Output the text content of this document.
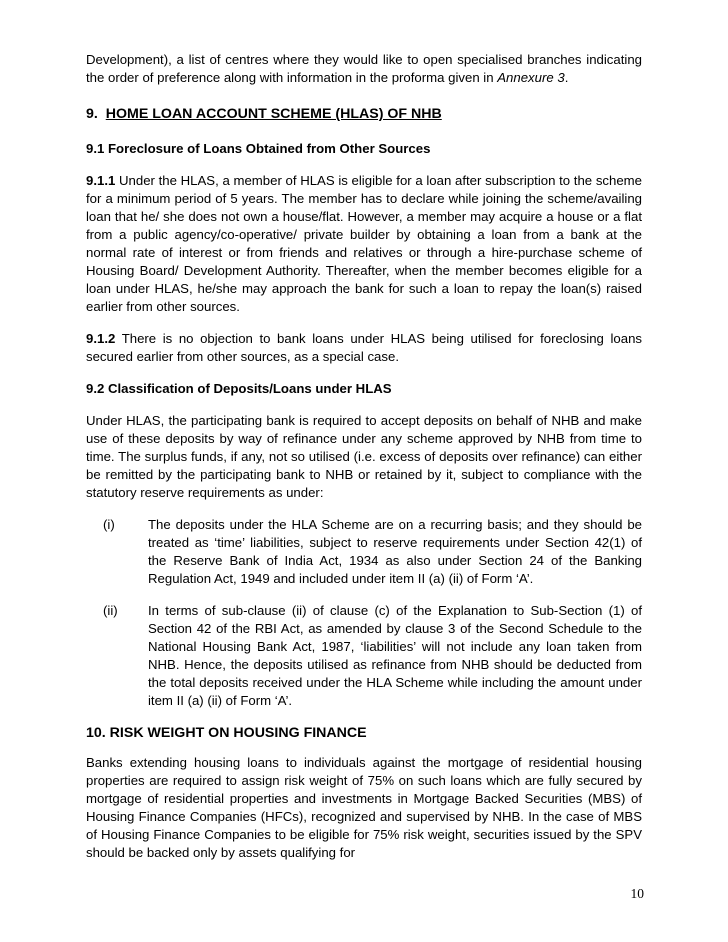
Development), a list of centres where they would like to open specialised branches indicating the order of preference along with information in the proforma given in Annexure 3.

9. HOME LOAN ACCOUNT SCHEME (HLAS) OF NHB

9.1 Foreclosure of Loans Obtained from Other Sources

9.1.1 Under the HLAS, a member of HLAS is eligible for a loan after subscription to the scheme for a minimum period of 5 years. The member has to declare while joining the scheme/availing loan that he/ she does not own a house/flat. However, a member may acquire a house or a flat from a public agency/co-operative/ private builder by obtaining a loan from a bank at the normal rate of interest or from friends and relatives or through a hire-purchase scheme of Housing Board/ Development Authority. Thereafter, when the member becomes eligible for a loan under HLAS, he/she may approach the bank for such a loan to repay the loan(s) raised earlier from other sources.

9.1.2 There is no objection to bank loans under HLAS being utilised for foreclosing loans secured earlier from other sources, as a special case.

9.2 Classification of Deposits/Loans under HLAS

Under HLAS, the participating bank is required to accept deposits on behalf of NHB and make use of these deposits by way of refinance under any scheme approved by NHB from time to time. The surplus funds, if any, not so utilised (i.e. excess of deposits over refinance) can either be remitted by the participating bank to NHB or retained by it, subject to compliance with the statutory reserve requirements as under:

(i)	The deposits under the HLA Scheme are on a recurring basis; and they should be treated as ‘time’ liabilities, subject to reserve requirements under Section 42(1) of the Reserve Bank of India Act, 1934 as also under Section 24 of the Banking Regulation Act, 1949 and included under item II (a) (ii) of Form ‘A’.

(ii) In terms of sub-clause (ii) of clause (c) of the Explanation to Sub-Section (1) of Section 42 of the RBI Act, as amended by clause 3 of the Second Schedule to the National Housing Bank Act, 1987, ‘liabilities’ will not include any loan taken from NHB. Hence, the deposits utilised as refinance from NHB should be deducted from the total deposits received under the HLA Scheme while including the amount under item II (a) (ii) of Form ‘A’.

10. RISK WEIGHT ON HOUSING FINANCE

Banks extending housing loans to individuals against the mortgage of residential housing properties are required to assign risk weight of 75% on such loans which are fully secured by mortgage of residential properties and investments in Mortgage Backed Securities (MBS) of Housing Finance Companies (HFCs), recognized and supervised by NHB. In the case of MBS of Housing Finance Companies to be eligible for 75% risk weight, securities issued by the SPV should be backed only by assets qualifying for

10
